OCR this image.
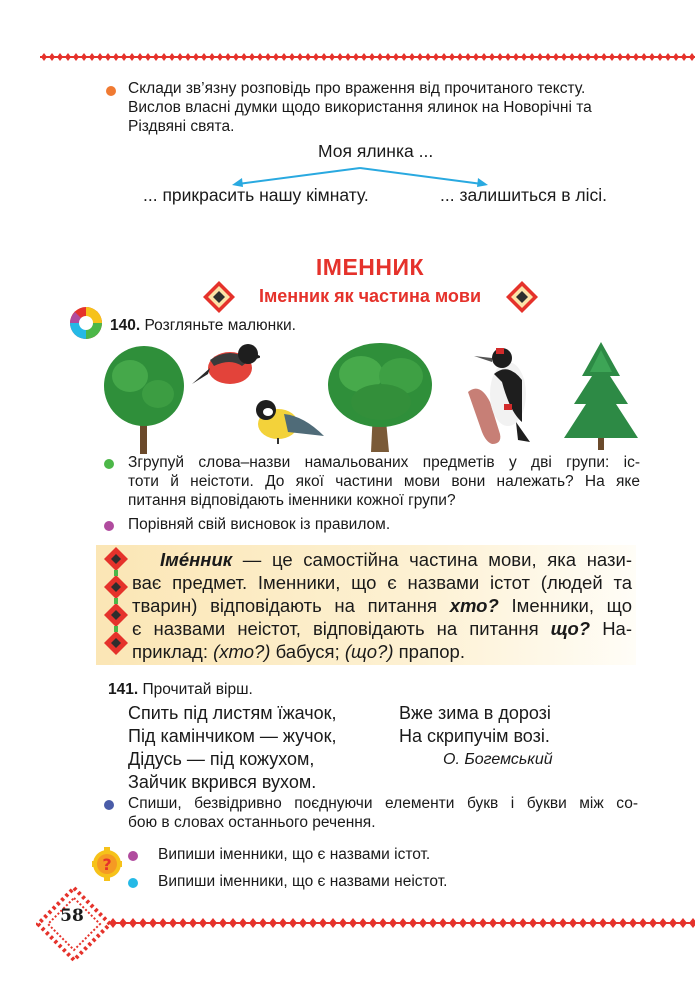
Склади зв’язну розповідь про враження від прочитаного тексту.
Вислов власні думки щодо використання ялинок на Новорічні та
Різдвяні свята.
Моя ялинка ...
... прикрасить нашу кімнату.	... залишиться в лісі.
ІМЕННИК
Іменник як частина мови
140. Розгляньте малюнки.
Згрупуй слова–назви намальованих предметів у дві групи: іс-
тоти й неістоти. До якої частини мови вони належать? На яке
питання відповідають іменники кожної групи?
Порівняй свій висновок із правилом.
Імéнник — це самостійна частина мови, яка нази-
ває предмет. Іменники, що є назвами істот (людей та
тварин) відповідають на питання хто? Іменники, що
є назвами неістот, відповідають на питання що? На-
приклад: (хто?) бабуся; (що?) прапор.
141. Прочитай вірш.
Спить під листям їжачок,
Під камінчиком — жучок,
Дідусь — під кожухом,
Зайчик вкрився вухом.
Вже зима в дорозі
На скрипучім возі.
О. Богемський
Спиши, безвідривно поєднуючи елементи букв і букви між со-
бою в словах останнього речення.
?
Випиши іменники, що є назвами істот.
Випиши іменники, що є назвами неістот.
58
